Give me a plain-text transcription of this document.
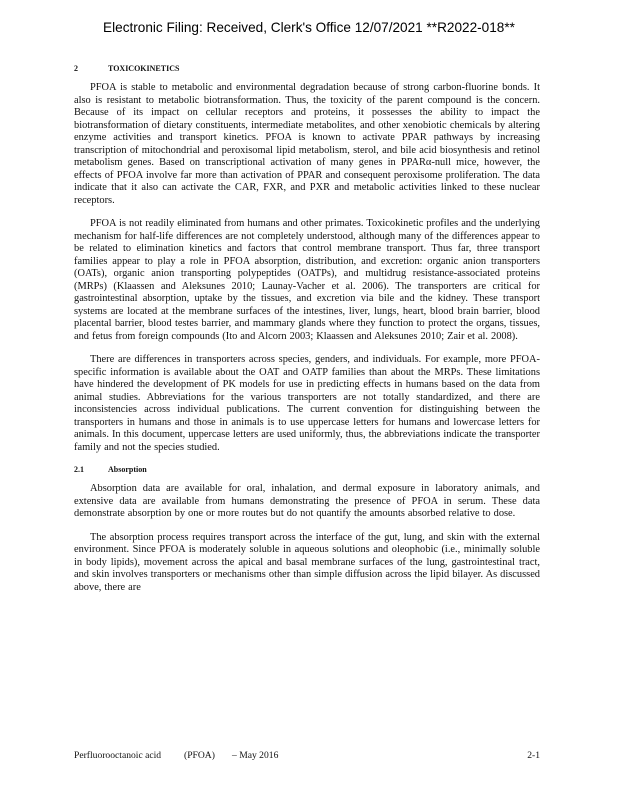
Electronic Filing: Received, Clerk's Office 12/07/2021 **R2022-018**
2	TOXICOKINETICS

PFOA is stable to metabolic and environmental degradation because of strong carbon-fluorine bonds. It also is resistant to metabolic biotransformation. Thus, the toxicity of the parent compound is the concern. Because of its impact on cellular receptors and proteins, it possesses the ability to impact the biotransformation of dietary constituents, intermediate metabolites, and other xenobiotic chemicals by altering enzyme activities and transport kinetics. PFOA is known to activate PPAR pathways by increasing transcription of mitochondrial and peroxisomal lipid metabolism, sterol, and bile acid biosynthesis and retinol metabolism genes. Based on transcriptional activation of many genes in PPARα-null mice, however, the effects of PFOA involve far more than activation of PPAR and consequent peroxisome proliferation. The data indicate that it also can activate the CAR, FXR, and PXR and metabolic activities linked to these nuclear receptors.

PFOA is not readily eliminated from humans and other primates. Toxicokinetic profiles and the underlying mechanism for half-life differences are not completely understood, although many of the differences appear to be related to elimination kinetics and factors that control membrane transport. Thus far, three transport families appear to play a role in PFOA absorption, distribution, and excretion: organic anion transporters (OATs), organic anion transporting polypeptides (OATPs), and multidrug resistance-associated proteins (MRPs) (Klaassen and Aleksunes 2010; Launay-Vacher et al. 2006). The transporters are critical for gastrointestinal absorption, uptake by the tissues, and excretion via bile and the kidney. These transport systems are located at the membrane surfaces of the intestines, liver, lungs, heart, blood brain barrier, blood placental barrier, blood testes barrier, and mammary glands where they function to protect the organs, tissues, and fetus from foreign compounds (Ito and Alcorn 2003; Klaassen and Aleksunes 2010; Zair et al. 2008).

There are differences in transporters across species, genders, and individuals. For example, more PFOA-specific information is available about the OAT and OATP families than about the MRPs. These limitations have hindered the development of PK models for use in predicting effects in humans based on the data from animal studies. Abbreviations for the various transporters are not totally standardized, and there are inconsistencies across individual publications. The current convention for distinguishing between the transporters in humans and those in animals is to use uppercase letters for humans and lowercase letters for animals. In this document, uppercase letters are used uniformly, thus, the abbreviations indicate the transporter family and not the species studied.

2.1	Absorption

Absorption data are available for oral, inhalation, and dermal exposure in laboratory animals, and extensive data are available from humans demonstrating the presence of PFOA in serum. These data demonstrate absorption by one or more routes but do not quantify the amounts absorbed relative to dose.

The absorption process requires transport across the interface of the gut, lung, and skin with the external environment. Since PFOA is moderately soluble in aqueous solutions and oleophobic (i.e., minimally soluble in body lipids), movement across the apical and basal membrane surfaces of the lung, gastrointestinal tract, and skin involves transporters or mechanisms other than simple diffusion across the lipid bilayer. As discussed above, there are

Perfluorooctanoic acid	(PFOA)	– May 2016	2-1
